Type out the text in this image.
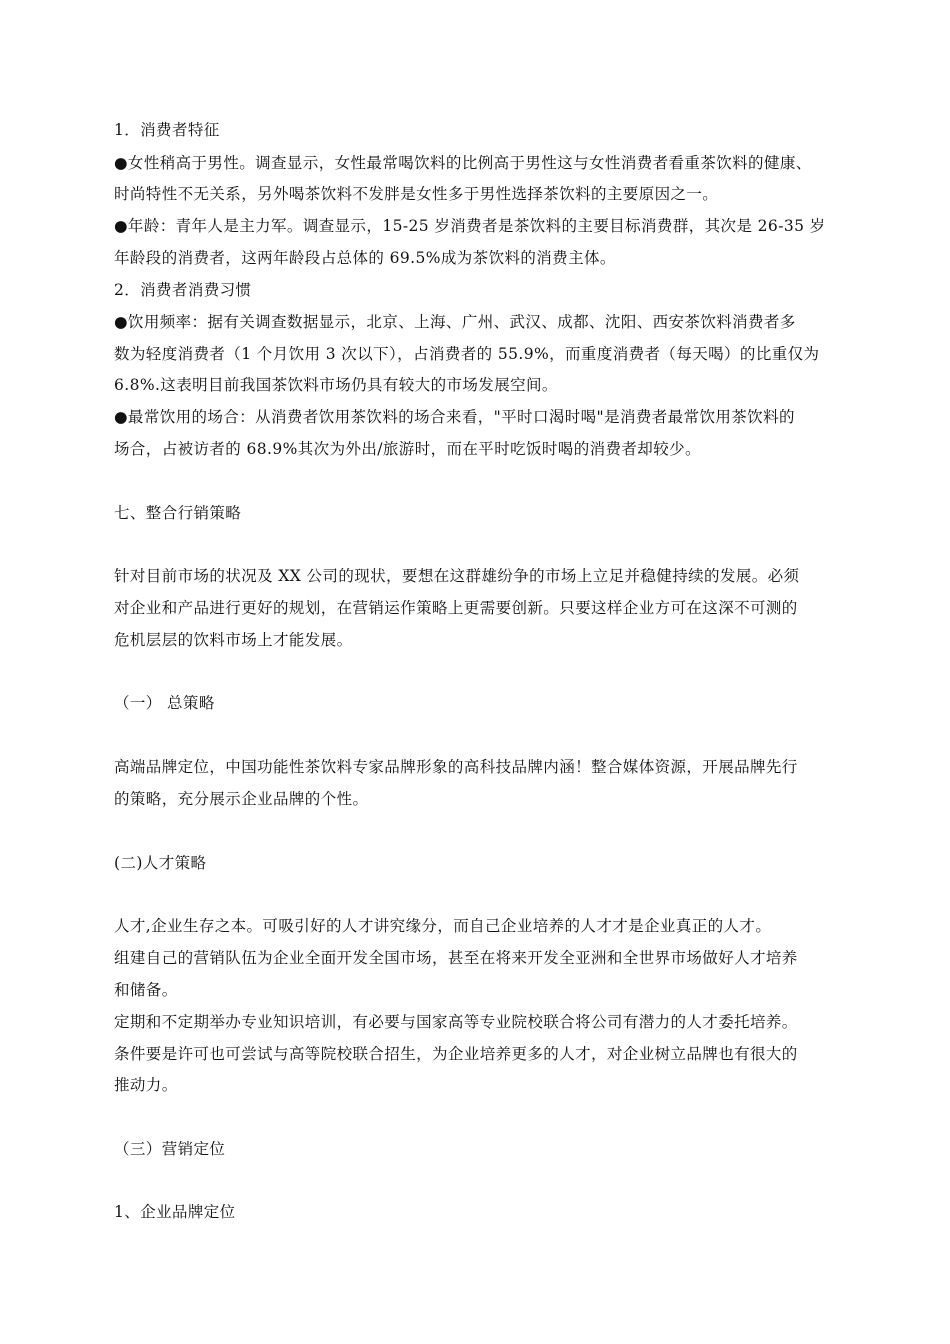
1．消费者特征
●女性稍高于男性。调查显示，女性最常喝饮料的比例高于男性这与女性消费者看重茶饮料的健康、
时尚特性不无关系，另外喝茶饮料不发胖是女性多于男性选择茶饮料的主要原因之一。
●年龄：青年人是主力军。调查显示，15-25 岁消费者是茶饮料的主要目标消费群，其次是 26-35 岁
年龄段的消费者，这两年龄段占总体的 69.5%成为茶饮料的消费主体。
2．消费者消费习惯
●饮用频率：据有关调查数据显示，北京、上海、广州、武汉、成都、沈阳、西安茶饮料消费者多
数为轻度消费者（1 个月饮用 3 次以下），占消费者的 55.9%，而重度消费者（每天喝）的比重仅为
6.8%.这表明目前我国茶饮料市场仍具有较大的市场发展空间。
●最常饮用的场合：从消费者饮用茶饮料的场合来看，"平时口渴时喝"是消费者最常饮用茶饮料的
场合，占被访者的 68.9%其次为外出/旅游时，而在平时吃饭时喝的消费者却较少。
七、整合行销策略
针对目前市场的状况及 XX 公司的现状，要想在这群雄纷争的市场上立足并稳健持续的发展。必须
对企业和产品进行更好的规划，在营销运作策略上更需要创新。只要这样企业方可在这深不可测的
危机层层的饮料市场上才能发展。
（一） 总策略
高端品牌定位，中国功能性茶饮料专家品牌形象的高科技品牌内涵！整合媒体资源，开展品牌先行
的策略，充分展示企业品牌的个性。
(二)人才策略
人才,企业生存之本。可吸引好的人才讲究缘分，而自己企业培养的人才才是企业真正的人才。
组建自己的营销队伍为企业全面开发全国市场，甚至在将来开发全亚洲和全世界市场做好人才培养
和储备。
定期和不定期举办专业知识培训，有必要与国家高等专业院校联合将公司有潜力的人才委托培养。
条件要是许可也可尝试与高等院校联合招生，为企业培养更多的人才，对企业树立品牌也有很大的
推动力。
（三）营销定位
1、企业品牌定位
